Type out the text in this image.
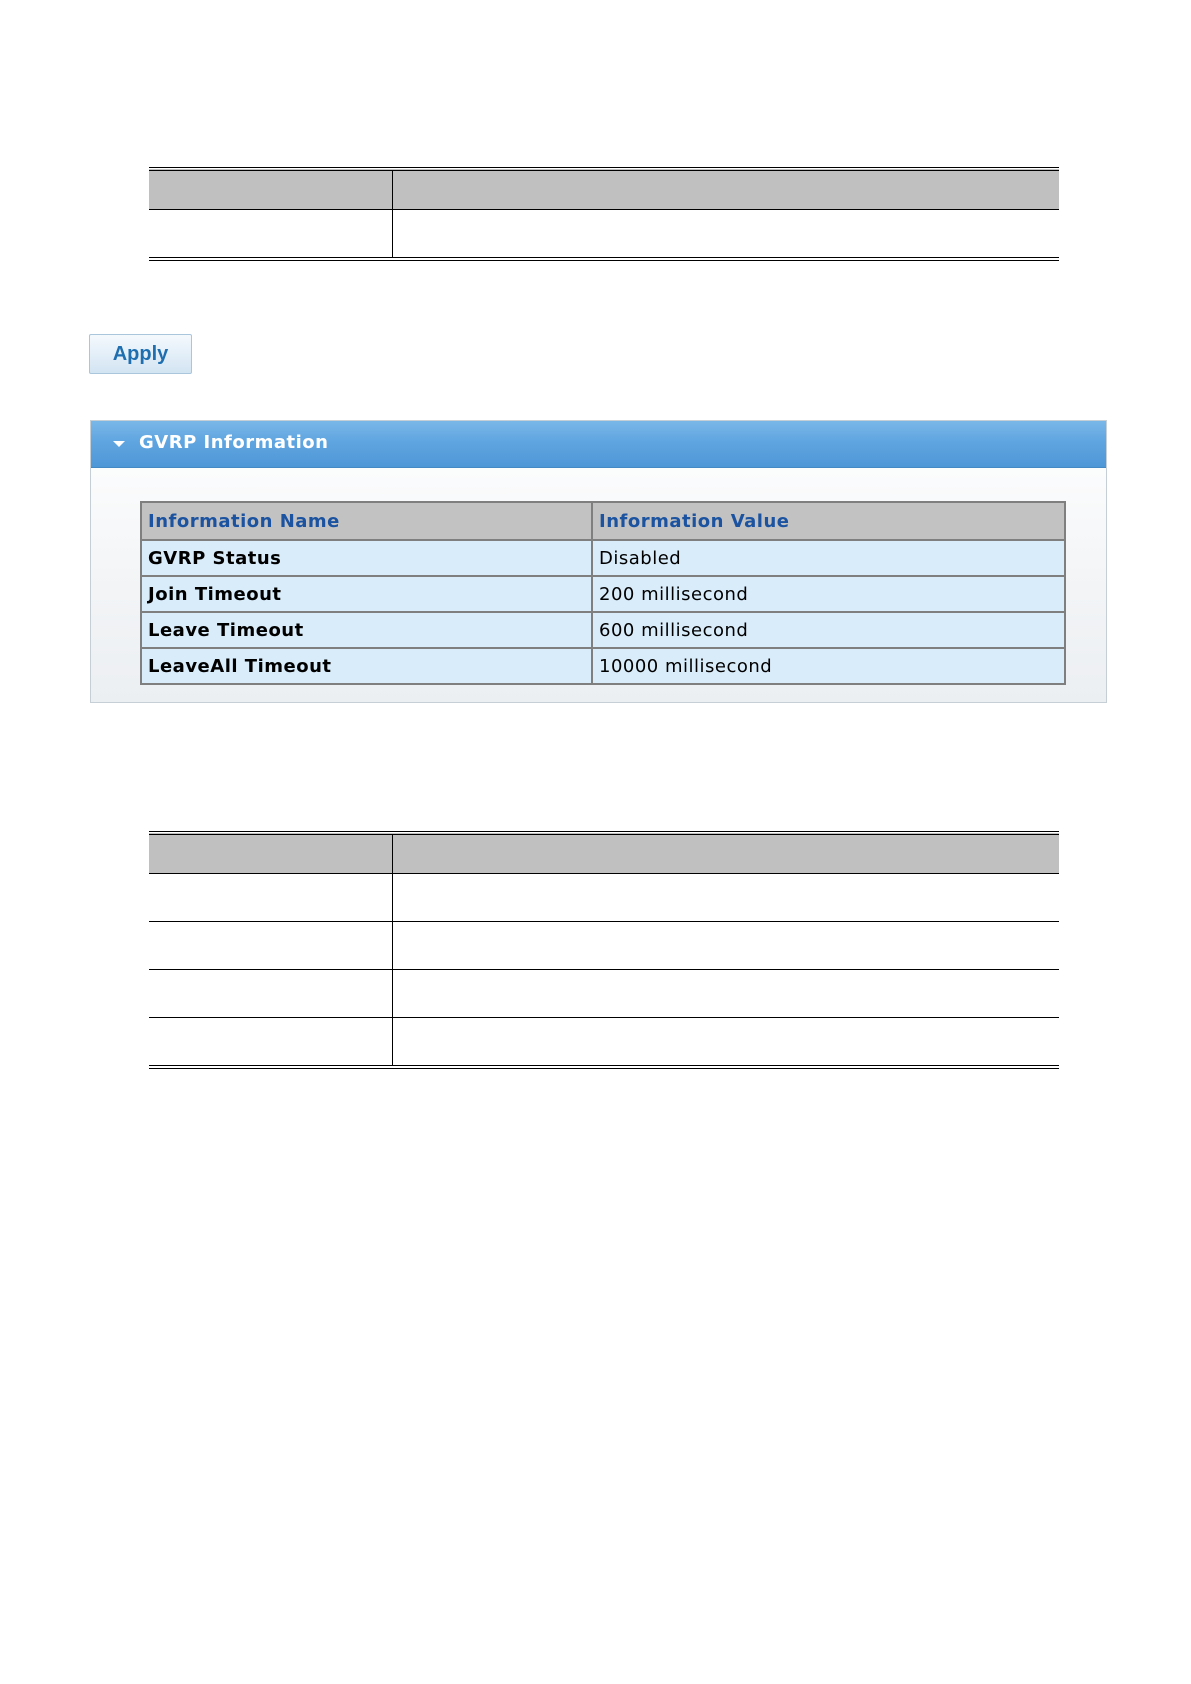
Apply
GVRP Information
Information Name	Information Value
GVRP Status	Disabled
Join Timeout	200 millisecond
Leave Timeout	600 millisecond
LeaveAll Timeout	10000 millisecond
